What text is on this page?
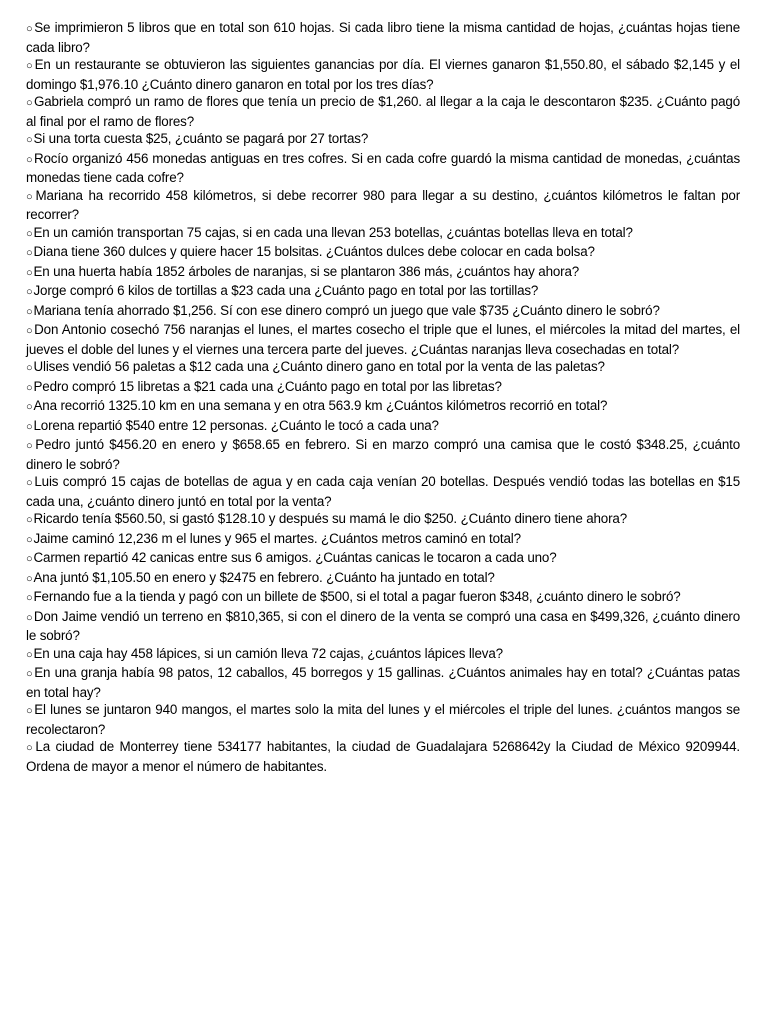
○Se imprimieron 5 libros que en total son 610 hojas. Si cada libro tiene la misma cantidad de hojas, ¿cuántas hojas tiene cada libro?

○En un restaurante se obtuvieron las siguientes ganancias por día. El viernes ganaron $1,550.80, el sábado $2,145 y el domingo $1,976.10 ¿Cuánto dinero ganaron en total por los tres días?

○Gabriela compró un ramo de flores que tenía un precio de $1,260. al llegar a la caja le descontaron $235. ¿Cuánto pagó al final por el ramo de flores?

○Si una torta cuesta $25, ¿cuánto se pagará por 27 tortas?

○Rocío organizó 456 monedas antiguas en tres cofres. Si en cada cofre guardó la misma cantidad de monedas, ¿cuántas monedas tiene cada cofre?

○Mariana ha recorrido 458 kilómetros, si debe recorrer 980 para llegar a su destino, ¿cuántos kilómetros le faltan por recorrer?

○En un camión transportan 75 cajas, si en cada una llevan 253 botellas, ¿cuántas botellas lleva en total?

○Diana tiene 360 dulces y quiere hacer 15 bolsitas. ¿Cuántos dulces debe colocar en cada bolsa?

○En una huerta había 1852 árboles de naranjas, si se plantaron 386 más, ¿cuántos hay ahora?

○Jorge compró 6 kilos de tortillas a $23 cada una ¿Cuánto pago en total por las tortillas?

○Mariana tenía ahorrado $1,256. Sí con ese dinero compró un juego que vale $735 ¿Cuánto dinero le sobró?

○Don Antonio cosechó 756 naranjas el lunes, el martes cosecho el triple que el lunes, el miércoles la mitad del martes, el jueves el doble del lunes y el viernes una tercera parte del jueves. ¿Cuántas naranjas lleva cosechadas en total?

○Ulises vendió 56 paletas a $12 cada una ¿Cuánto dinero gano en total por la venta de las paletas?

○Pedro compró 15 libretas a $21 cada una ¿Cuánto pago en total por las libretas?

○Ana recorrió 1325.10 km en una semana y en otra 563.9 km ¿Cuántos kilómetros recorrió en total?

○Lorena repartió $540 entre 12 personas. ¿Cuánto le tocó a cada una?

○Pedro juntó $456.20 en enero y $658.65 en febrero. Si en marzo compró una camisa que le costó $348.25, ¿cuánto dinero le sobró?

○Luis compró 15 cajas de botellas de agua y en cada caja venían 20 botellas. Después vendió todas las botellas en $15 cada una, ¿cuánto dinero juntó en total por la venta?

○Ricardo tenía $560.50, si gastó $128.10 y después su mamá le dio $250. ¿Cuánto dinero tiene ahora?

○Jaime caminó 12,236 m el lunes y 965 el martes. ¿Cuántos metros caminó en total?

○Carmen repartió 42 canicas entre sus 6 amigos. ¿Cuántas canicas le tocaron a cada uno?

○Ana juntó $1,105.50 en enero y $2475 en febrero. ¿Cuánto ha juntado en total?

○Fernando fue a la tienda y pagó con un billete de $500, si el total a pagar fueron $348, ¿cuánto dinero le sobró?

○Don Jaime vendió un terreno en $810,365, si con el dinero de la venta se compró una casa en $499,326, ¿cuánto dinero le sobró?

○En una caja hay 458 lápices, si un camión lleva 72 cajas, ¿cuántos lápices lleva?

○En una granja había 98 patos, 12 caballos, 45 borregos y 15 gallinas. ¿Cuántos animales hay en total? ¿Cuántas patas en total hay?

○El lunes se juntaron 940 mangos, el martes solo la mita del lunes y el miércoles el triple del lunes. ¿cuántos mangos se recolectaron?

○La ciudad de Monterrey tiene 534177 habitantes, la ciudad de Guadalajara 5268642y la Ciudad de México 9209944. Ordena de mayor a menor el número de habitantes.
